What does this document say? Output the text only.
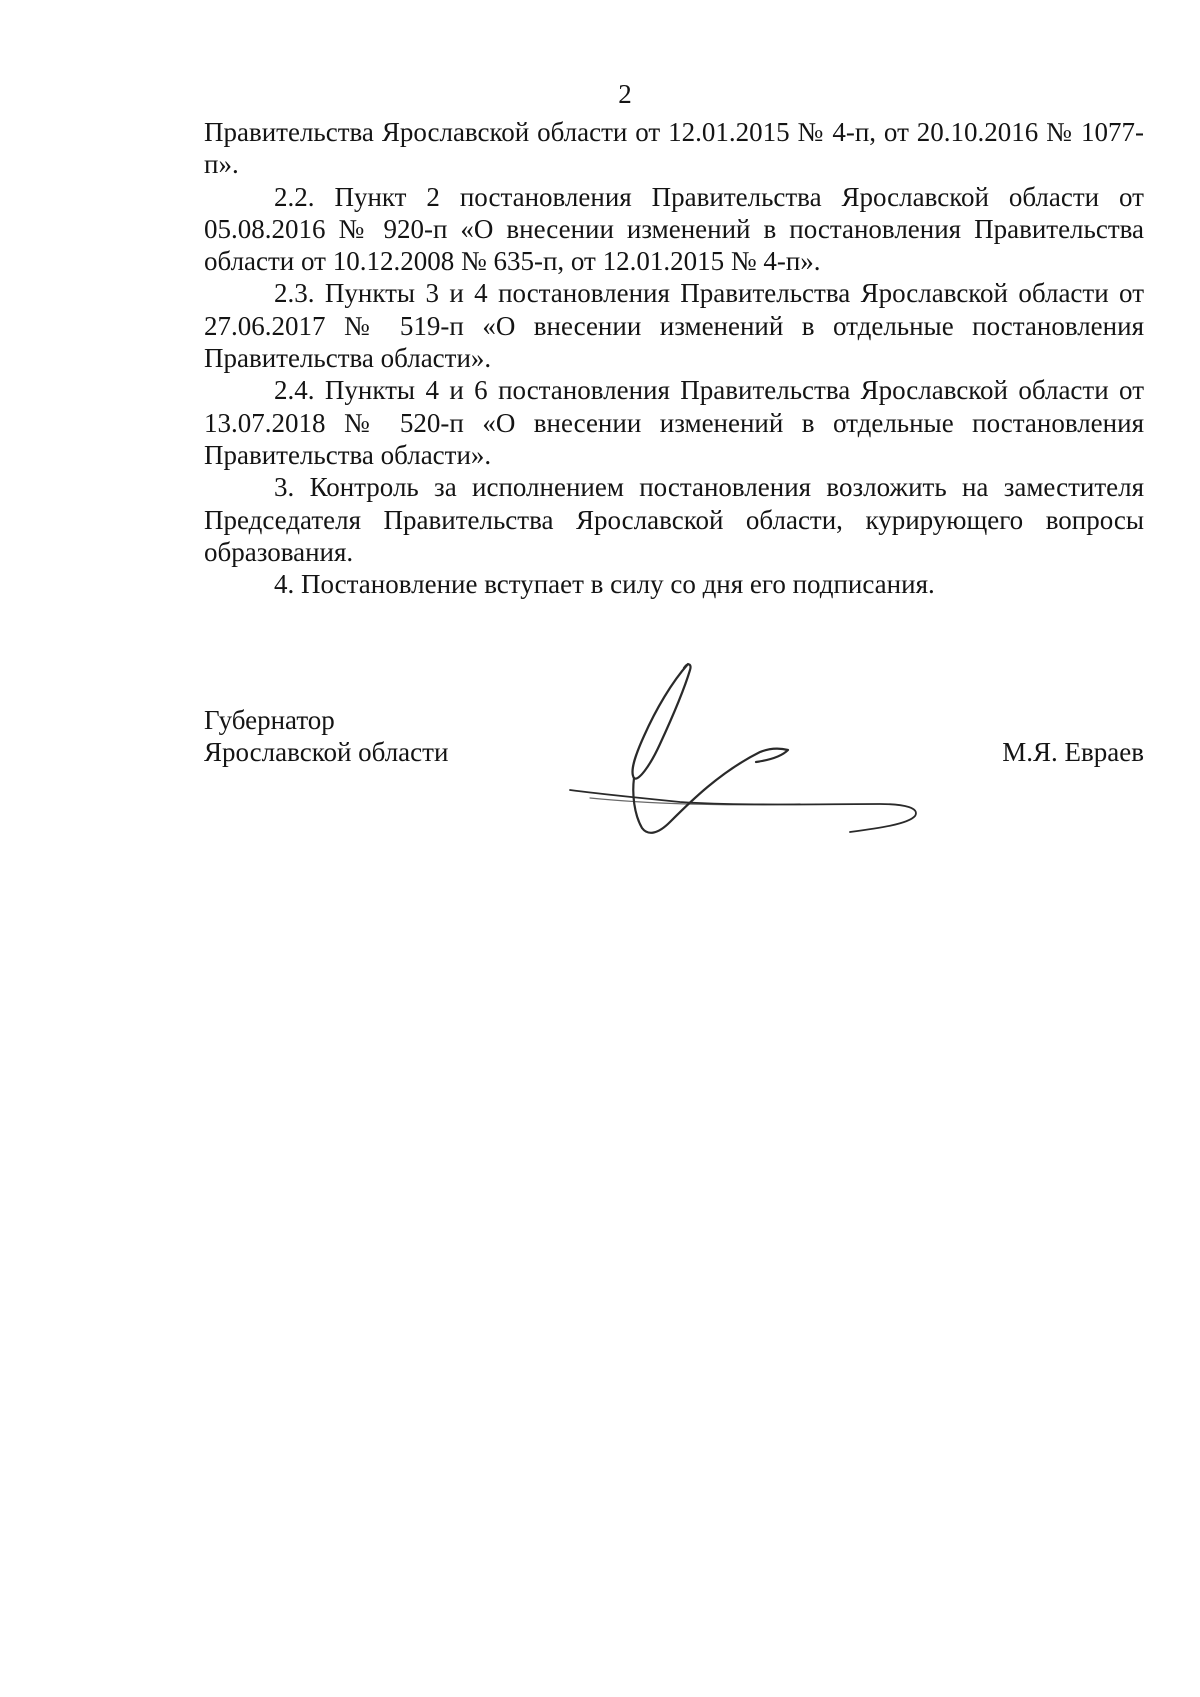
2

Правительства Ярославской области от 12.01.2015 № 4-п, от 20.10.2016 № 1077-п».

2.2. Пункт 2 постановления Правительства Ярославской области от 05.08.2016 № 920-п «О внесении изменений в постановления Правительства области от 10.12.2008 № 635-п, от 12.01.2015 № 4-п».

2.3. Пункты 3 и 4 постановления Правительства Ярославской области от 27.06.2017 № 519-п «О внесении изменений в отдельные постановления Правительства области».

2.4. Пункты 4 и 6 постановления Правительства Ярославской области от 13.07.2018 № 520-п «О внесении изменений в отдельные постановления Правительства области».

3. Контроль за исполнением постановления возложить на заместителя Председателя Правительства Ярославской области, курирующего вопросы образования.

4. Постановление вступает в силу со дня его подписания.

Губернатор
Ярославской области	М.Я. Евраев
